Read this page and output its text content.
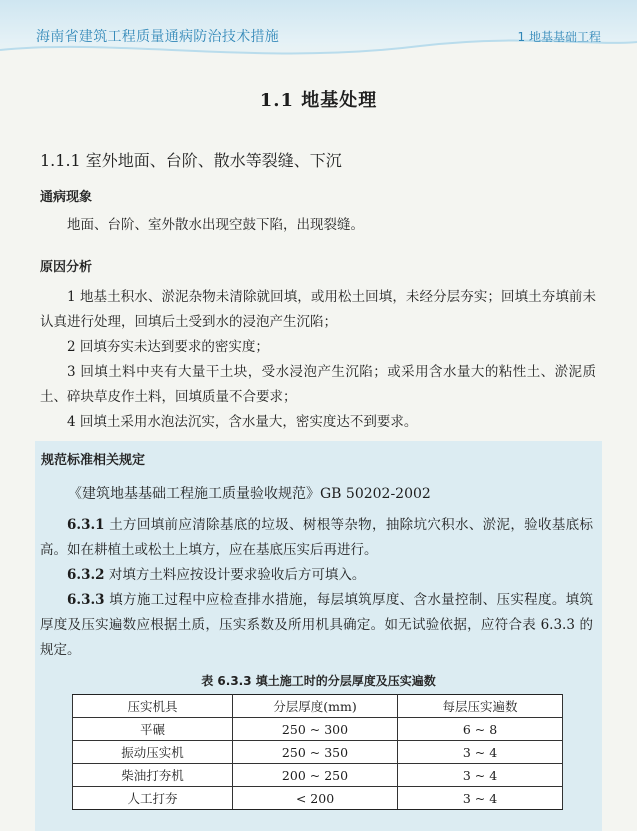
海南省建筑工程质量通病防治技术措施	1 地基基础工程
1.1 地基处理
1.1.1 室外地面、台阶、散水等裂缝、下沉
通病现象
地面、台阶、室外散水出现空鼓下陷，出现裂缝。
原因分析
1 地基土积水、淤泥杂物未清除就回填，或用松土回填，未经分层夯实；回填土夯填前未认真进行处理，回填后土受到水的浸泡产生沉陷；
2 回填夯实未达到要求的密实度；
3 回填土料中夹有大量干土块，受水浸泡产生沉陷；或采用含水量大的粘性土、淤泥质土、碎块草皮作土料，回填质量不合要求；
4 回填土采用水泡法沉实，含水量大，密实度达不到要求。
规范标准相关规定
《建筑地基基础工程施工质量验收规范》GB 50202-2002
6.3.1 土方回填前应清除基底的垃圾、树根等杂物，抽除坑穴积水、淤泥，验收基底标高。如在耕植土或松土上填方，应在基底压实后再进行。
6.3.2 对填方土料应按设计要求验收后方可填入。
6.3.3 填方施工过程中应检查排水措施，每层填筑厚度、含水量控制、压实程度。填筑厚度及压实遍数应根据土质，压实系数及所用机具确定。如无试验依据，应符合表 6.3.3 的规定。
表 6.3.3 填土施工时的分层厚度及压实遍数
压实机具	分层厚度(mm)	每层压实遍数
平碾	250 ~ 300	6 ~ 8
振动压实机	250 ~ 350	3 ~ 4
柴油打夯机	200 ~ 250	3 ~ 4
人工打夯	< 200	3 ~ 4
